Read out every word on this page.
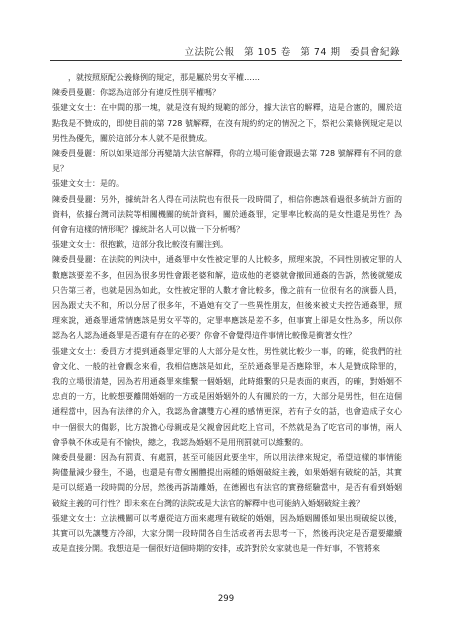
立法院公報 第 105 卷 第 74 期 委員會紀錄

，就按照原配公義條例的規定，那是屬於男女平權……

陳委員曼麗：你認為這部分有違反性別平權嗎？

張建文女士：在中間的那一塊，就是沒有規約規範的部分，據大法官的解釋，這是合憲的，關於這點我是不贊成的，即使目前的第 728 號解釋，在沒有規約約定的情況之下，祭祀公業條例規定是以男性為優先，關於這部分本人就不是很贊成。

陳委員曼麗：所以如果這部分再變請大法官解釋，你的立場可能會跟過去第 728 號解釋有不同的意見？

張建文女士：是的。

陳委員曼麗：另外，據統計名人得在司法院也有很長一段時間了，相信你應該看過很多統計方面的資料，依據台灣司法院等相關機關的統計資料，關於通姦罪，定罪率比較高的是女性還是男性？為何會有這樣的情形呢？據統計名人可以做一下分析嗎？

張建文女士：很抱歉，這部分我比較沒有關注到。

陳委員曼麗：在法院的判決中，通姦罪中女性被定罪的人比較多，照理來說，不同性別被定罪的人數應該要差不多，但因為很多男性會跟老婆和解，造成他的老婆就會撤回通姦的告訴，然後就變成只告第三者，也就是因為如此，女性被定罪的人數才會比較多，像之前有一位很有名的演藝人員，因為跟丈夫不和，所以分居了很多年，不過她有交了一些異性朋友，但後來被丈夫控告通姦罪，照理來說，通姦罪通常情應該是男女平等的，定罪率應該是差不多，但事實上卻是女性為多，所以你認為名人認為通姦罪是否還有存在的必要？你會不會覺得這件事情比較像是衝著女性？

張建文女士：委員方才提到通姦罪定罪的人大部分是女性，男性就比較少一事，的確，從我們的社會文化、一般的社會觀念來看，我相信應該是如此，至於通姦罪是否應除罪，本人是贊成除罪的，我的立場很清楚，因為若用通姦罪來維繫一個婚姻，此時維繫的只是表面的東西，的確，對婚姻不忠貞的一方，比較想要離開婚姻的一方或是困婚姻外的人有關於的一方，大部分是男性，但在這個通程當中，因為有法律的介入，我認為會讓雙方心裡的感情更深，若有子女的話，也會造成子女心中一個很大的傷影，比方說擔心母親或是父親會因此吃上官司，不然就是為了吃官司的事情，兩人會爭執不休或是有不愉快，總之，我認為婚姻不是用刑罰就可以維繫的。

陳委員曼麗：因為有罰責、有處罰，甚至可能因此要坐牢，所以用法律來規定，希望這樣的事情能夠儘量減少發生，不過，也還是有帶女團體提出兩種的婚姻破綻主義，如果婚姻有破綻的話，其實是可以經過一段時間的分居，然後再訴請離婚，在德國也有法官的實務經驗當中，是否有看到婚姻破綻主義的可行性？即未來在台灣的法院或是大法官的解釋中也可能納入婚姻破綻主義？

張建文女士：立法機關可以考慮從這方面來處理有破綻的婚姻，因為婚姻關係如果出現破綻以後，其實可以先讓雙方冷卻，大家分開一段時間各自生活或者再去思考一下，然後再決定是否還要繼續或是直接分開。我想這是一個很好這個時期的安排，或許對於女家就也是一件好事，不管將來

299
